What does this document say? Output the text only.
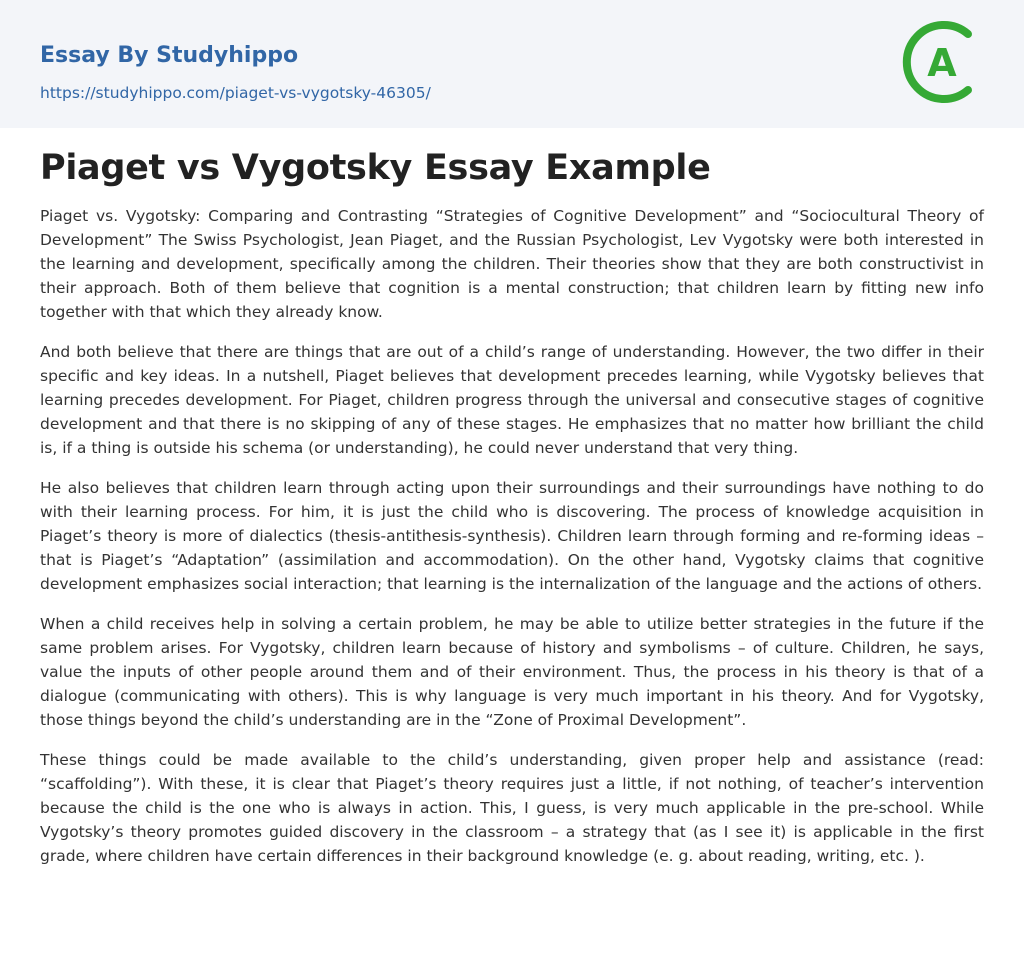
Essay By Studyhippo
https://studyhippo.com/piaget-vs-vygotsky-46305/
A
Piaget vs Vygotsky Essay Example

Piaget vs. Vygotsky: Comparing and Contrasting “Strategies of Cognitive Development” and “Sociocultural Theory of Development” The Swiss Psychologist, Jean Piaget, and the Russian Psychologist, Lev Vygotsky were both interested in the learning and development, specifically among the children. Their theories show that they are both constructivist in their approach. Both of them believe that cognition is a mental construction; that children learn by fitting new info together with that which they already know.

And both believe that there are things that are out of a child’s range of understanding. However, the two differ in their specific and key ideas. In a nutshell, Piaget believes that development precedes learning, while Vygotsky believes that learning precedes development. For Piaget, children progress through the universal and consecutive stages of cognitive development and that there is no skipping of any of these stages. He emphasizes that no matter how brilliant the child is, if a thing is outside his schema (or understanding), he could never understand that very thing.

He also believes that children learn through acting upon their surroundings and their surroundings have nothing to do with their learning process. For him, it is just the child who is discovering. The process of knowledge acquisition in Piaget’s theory is more of dialectics (thesis-antithesis-synthesis). Children learn through forming and re-forming ideas – that is Piaget’s “Adaptation” (assimilation and accommodation). On the other hand, Vygotsky claims that cognitive development emphasizes social interaction; that learning is the internalization of the language and the actions of others.

When a child receives help in solving a certain problem, he may be able to utilize better strategies in the future if the same problem arises. For Vygotsky, children learn because of history and symbolisms – of culture. Children, he says, value the inputs of other people around them and of their environment. Thus, the process in his theory is that of a dialogue (communicating with others). This is why language is very much important in his theory. And for Vygotsky, those things beyond the child’s understanding are in the “Zone of Proximal Development”.

These things could be made available to the child’s understanding, given proper help and assistance (read: “scaffolding”). With these, it is clear that Piaget’s theory requires just a little, if not nothing, of teacher’s intervention because the child is the one who is always in action. This, I guess, is very much applicable in the pre-school. While Vygotsky’s theory promotes guided discovery in the classroom – a strategy that (as I see it) is applicable in the first grade, where children have certain differences in their background knowledge (e. g. about reading, writing, etc. ).
